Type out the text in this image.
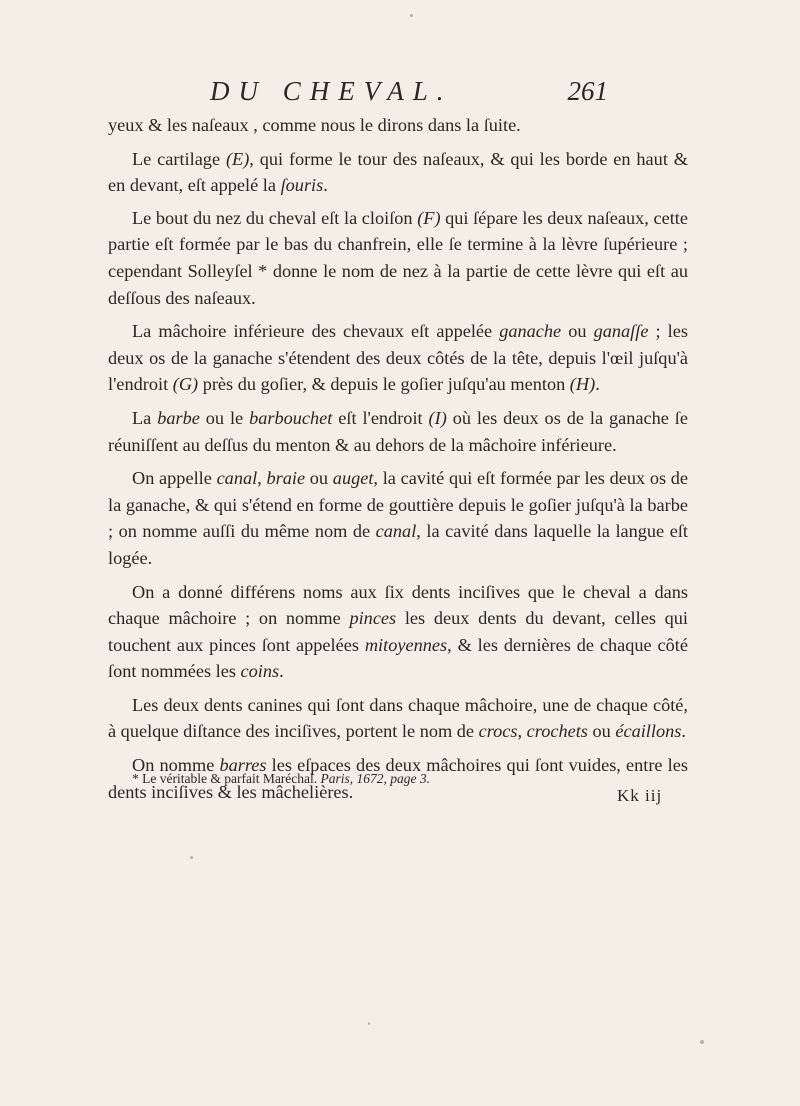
DU CHEVAL.	261

yeux & les naſeaux , comme nous le dirons dans la ſuite.

Le cartilage (E), qui forme le tour des naſeaux, & qui les borde en haut & en devant, eſt appelé la ſouris.

Le bout du nez du cheval eſt la cloiſon (F) qui ſépare les deux naſeaux, cette partie eſt formée par le bas du chanfrein, elle ſe termine à la lèvre ſupérieure ; cependant Solleyſel * donne le nom de nez à la partie de cette lèvre qui eſt au deſſous des naſeaux.

La mâchoire inférieure des chevaux eſt appelée ganache ou ganaſſe ; les deux os de la ganache s'étendent des deux côtés de la tête, depuis l'œil juſqu'à l'endroit (G) près du goſier, & depuis le goſier juſqu'au menton (H).

La barbe ou le barbouchet eſt l'endroit (I) où les deux os de la ganache ſe réuniſſent au deſſus du menton & au dehors de la mâchoire inférieure.

On appelle canal, braie ou auget, la cavité qui eſt formée par les deux os de la ganache, & qui s'étend en forme de gouttière depuis le goſier juſqu'à la barbe ; on nomme auſſi du même nom de canal, la cavité dans laquelle la langue eſt logée.

On a donné différens noms aux ſix dents inciſives que le cheval a dans chaque mâchoire ; on nomme pinces les deux dents du devant, celles qui touchent aux pinces ſont appelées mitoyennes, & les dernières de chaque côté ſont nommées les coins.

Les deux dents canines qui ſont dans chaque mâchoire, une de chaque côté, à quelque diſtance des inciſives, portent le nom de crocs, crochets ou écaillons.

On nomme barres les eſpaces des deux mâchoires qui ſont vuides, entre les dents inciſives & les mâchelières.

* Le véritable & parfait Maréchal. Paris, 1672, page 3.
Kk iij
